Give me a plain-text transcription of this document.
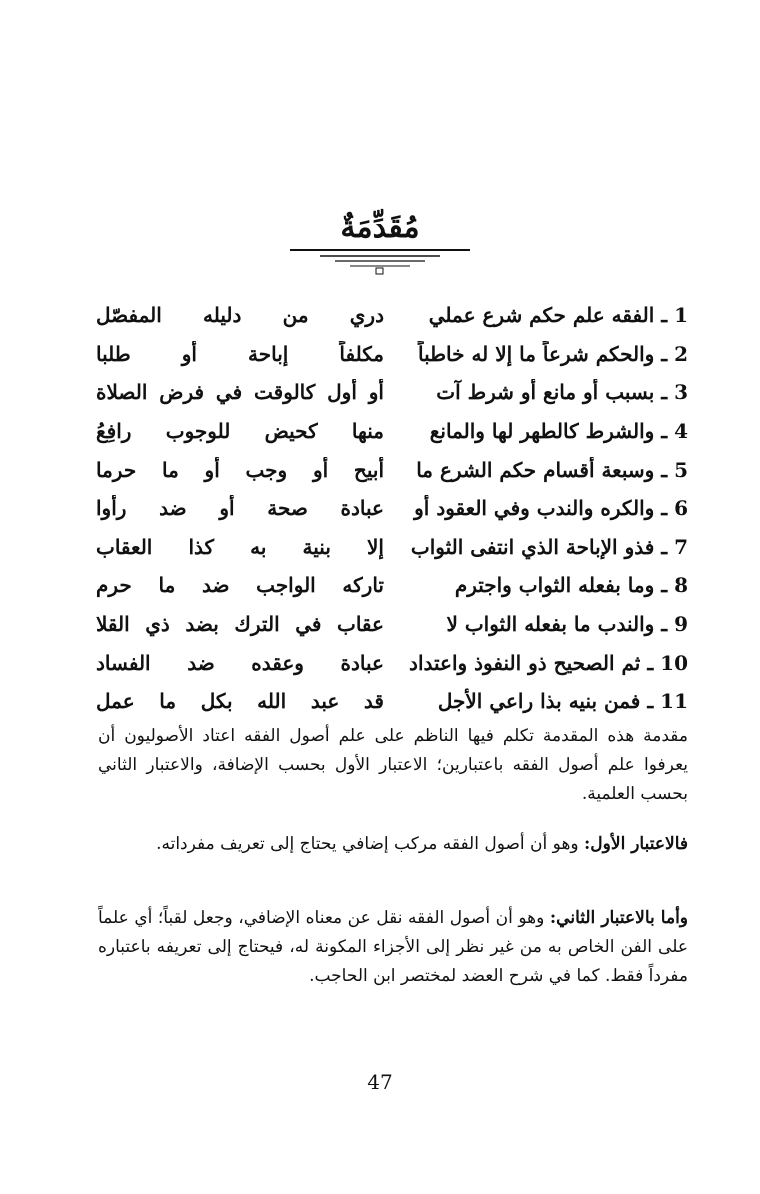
مُقَدِّمَةٌ
1 ـ الفقه علم حكم شرع عملي
دري من دليله المفصّل
2 ـ والحكم شرعاً ما إلا له خاطباً
مكلفاً إباحة أو طلبا
3 ـ بسبب أو مانع أو شرط آت
أو أول كالوقت في فرض الصلاة
4 ـ والشرط كالطهر لها والمانع
منها كحيض للوجوب رافِعُ
5 ـ وسبعة أقسام حكم الشرع ما
أبيح أو وجب أو ما حرما
6 ـ والكره والندب وفي العقود أو
عبادة صحة أو ضد رأوا
7 ـ فذو الإباحة الذي انتفى الثواب
إلا بنية به كذا العقاب
8 ـ وما بفعله الثواب واجترم
تاركه الواجب ضد ما حرم
9 ـ والندب ما بفعله الثواب لا
عقاب في الترك بضد ذي القلا
10 ـ ثم الصحيح ذو النفوذ واعتداد
عبادة وعقده ضد الفساد
11 ـ فمن بنيه بذا راعي الأجل
قد عبد الله بكل ما عمل

مقدمة هذه المقدمة تكلم فيها الناظم على علم أصول الفقه اعتاد الأصوليون أن يعرفوا علم أصول الفقه باعتبارين؛ الاعتبار الأول بحسب الإضافة، والاعتبار الثاني بحسب العلمية.

فالاعتبار الأول: وهو أن أصول الفقه مركب إضافي يحتاج إلى تعريف مفرداته.

وأما بالاعتبار الثاني: وهو أن أصول الفقه نقل عن معناه الإضافي، وجعل لقباً؛ أي علماً على الفن الخاص به من غير نظر إلى الأجزاء المكونة له، فيحتاج إلى تعريفه باعتباره مفرداً فقط. كما في شرح العضد لمختصر ابن الحاجب.

47
